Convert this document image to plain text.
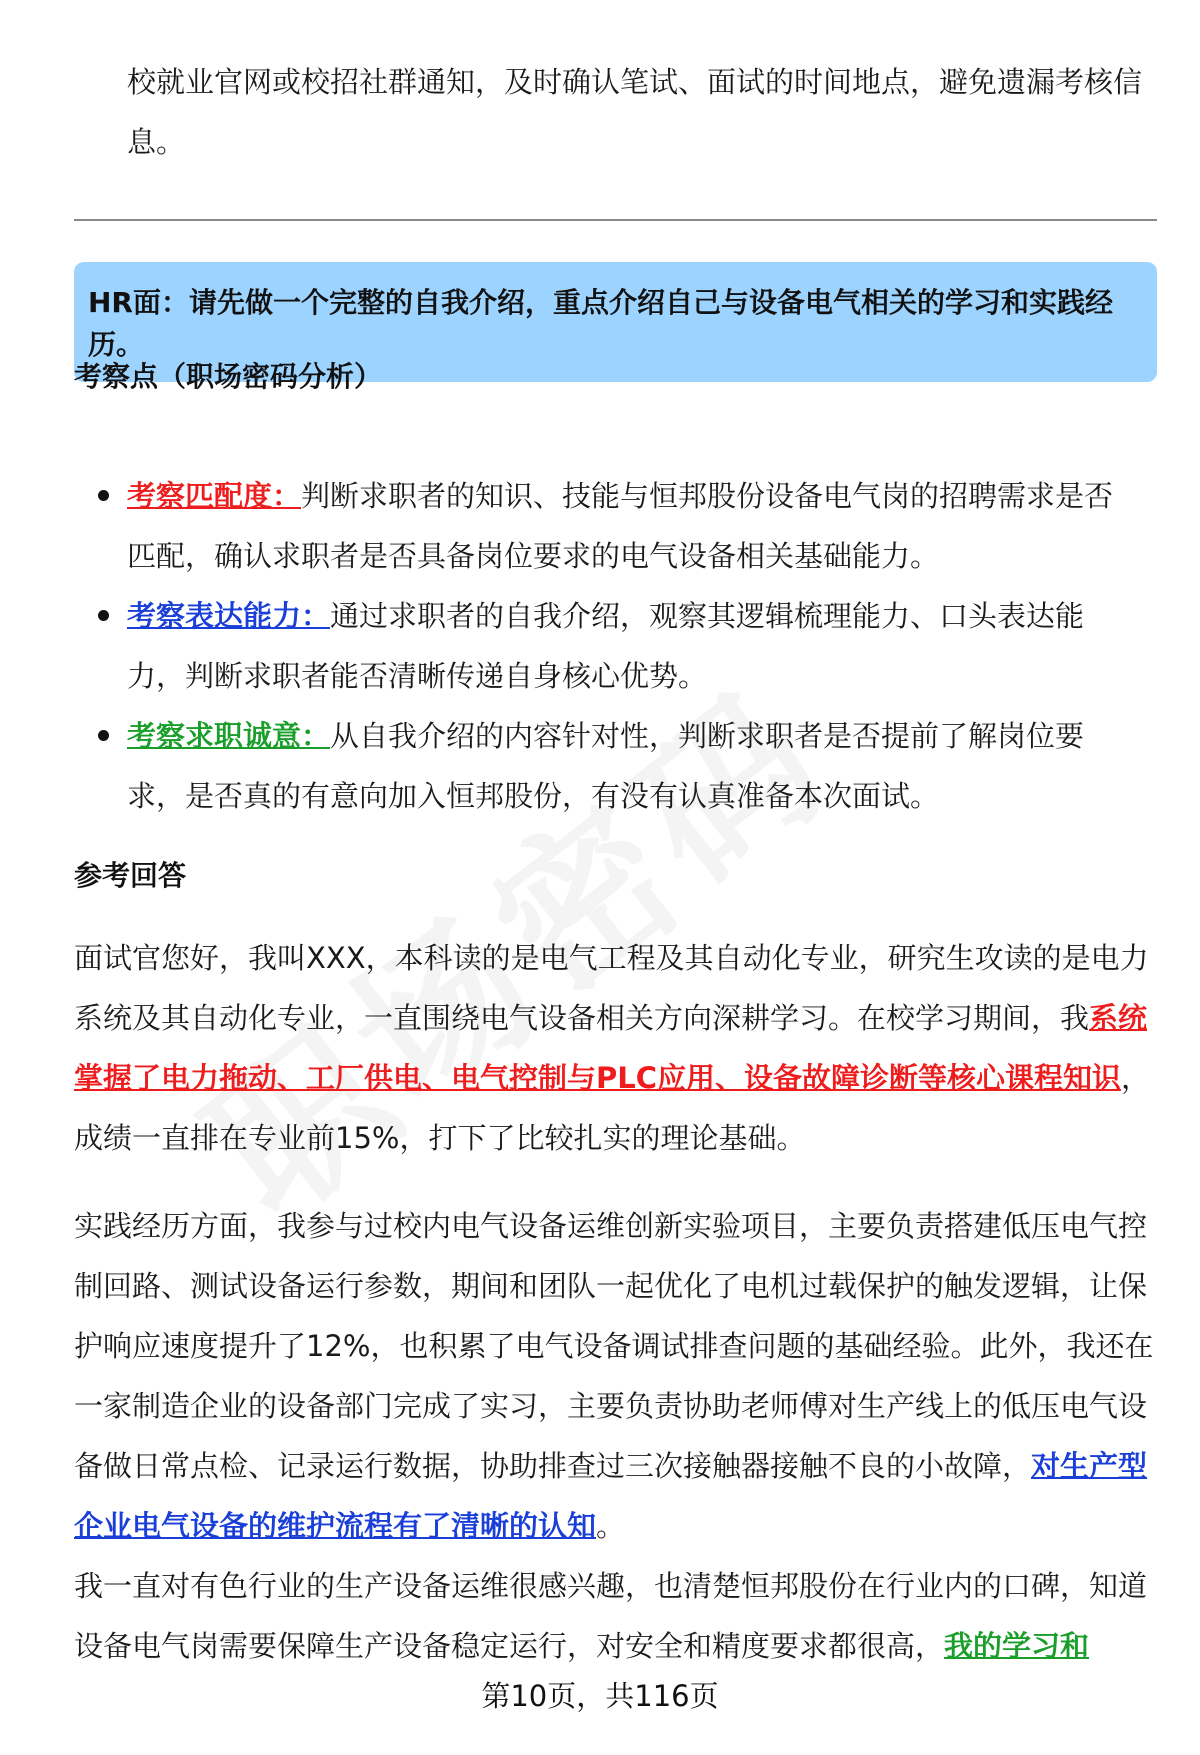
校就业官网或校招社群通知，及时确认笔试、面试的时间地点，避免遗漏考核信息。

HR面：请先做一个完整的自我介绍，重点介绍自己与设备电气相关的学习和实践经历。

考察点（职场密码分析）
考察匹配度：判断求职者的知识、技能与恒邦股份设备电气岗的招聘需求是否匹配，确认求职者是否具备岗位要求的电气设备相关基础能力。
考察表达能力：通过求职者的自我介绍，观察其逻辑梳理能力、口头表达能力，判断求职者能否清晰传递自身核心优势。
考察求职诚意：从自我介绍的内容针对性，判断求职者是否提前了解岗位要求，是否真的有意向加入恒邦股份，有没有认真准备本次面试。
参考回答

面试官您好，我叫XXX，本科读的是电气工程及其自动化专业，研究生攻读的是电力系统及其自动化专业，一直围绕电气设备相关方向深耕学习。在校学习期间，我系统掌握了电力拖动、工厂供电、电气控制与PLC应用、设备故障诊断等核心课程知识，成绩一直排在专业前15%，打下了比较扎实的理论基础。

实践经历方面，我参与过校内电气设备运维创新实验项目，主要负责搭建低压电气控制回路、测试设备运行参数，期间和团队一起优化了电机过载保护的触发逻辑，让保护响应速度提升了12%，也积累了电气设备调试排查问题的基础经验。此外，我还在一家制造企业的设备部门完成了实习，主要负责协助老师傅对生产线上的低压电气设备做日常点检、记录运行数据，协助排查过三次接触器接触不良的小故障，对生产型企业电气设备的维护流程有了清晰的认知。

我一直对有色行业的生产设备运维很感兴趣，也清楚恒邦股份在行业内的口碑，知道设备电气岗需要保障生产设备稳定运行，对安全和精度要求都很高，我的学习和

第10页，共116页
